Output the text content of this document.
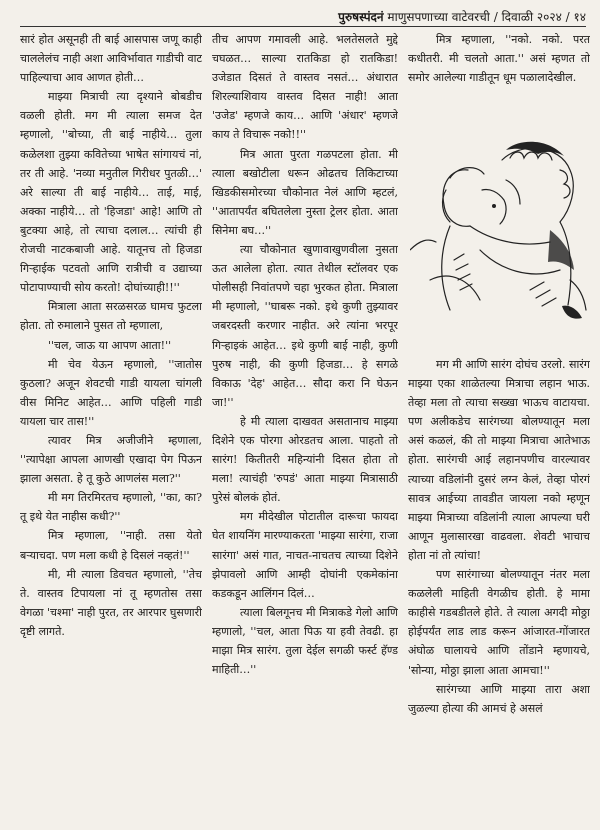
पुरुषस्पंदनं माणुसपणाच्या वाटेवरची / दिवाळी २०२४ / १४

सारं होत असूनही ती बाई आसपास जणू काही चाललेलंच नाही अशा आविर्भावात गाडीची वाट पाहिल्याचा आव आणत होती…

माझ्या मित्राची त्या दृश्याने बोबडीच वळली होती. मग मी त्याला समज देत म्हणालो, ''बोच्या, ती बाई नाहीये… तुला कळेलशा तुझ्या कवितेच्या भाषेत सांगायचं नां, तर ती आहे. 'नव्या मनुतील गिरीधर पुतळी…' अरे साल्या ती बाई नाहीये… ताई, माई, अक्का नाहीये… तो 'हिजडा' आहे! आणि तो बुटक्या आहे, तो त्याचा दलाल… त्यांची ही रोजची नाटकबाजी आहे. यातूनच तो हिजडा गिऱ्हाईक पटवतो आणि रात्रीची व उद्याच्या पोटापाण्याची सोय करतो! दोघांच्याही!!''

मित्राला आता सरळसरळ घामच फुटला होता. तो रुमालाने पुसत तो म्हणाला,

''चल, जाऊ या आपण आता!''

मी चेव येऊन म्हणालो, ''जातोस कुठला? अजून शेवटची गाडी यायला चांगली वीस मिनिट आहेत… आणि पहिली गाडी यायला चार तास!''

त्यावर मित्र अजीजीने म्हणाला, ''त्यापेक्षा आपला आणखी एखादा पेग पिऊन झाला असता. हे तू कुठे आणलंस मला?''

मी मग तिरमिरतच म्हणालो, ''का, का? तू इथे येत नाहीस कधी?''

मित्र म्हणाला, ''नाही. तसा येतो बऱ्याचदा. पण मला कधी हे दिसलं नव्हतं!''

मी, मी त्याला डिवचत म्हणालो, ''तेच ते. वास्तव टिपायला नां तू म्हणतोस तसा वेगळा 'चश्मा' नाही पुरत, तर आरपार घुसणारी दृष्टी लागते.

तीच आपण गमावली आहे. भलतेसलते मुद्दे चघळत… साल्या रातकिडा हो रातकिडा! उजेडात दिसतं ते वास्तव नसतं… अंधारात शिरल्याशिवाय वास्तव दिसत नाही! आता 'उजेड' म्हणजे काय… आणि 'अंधार' म्हणजे काय ते विचारू नको!!''

मित्र आता पुरता गळपटला होता. मी त्याला बखोटीला धरून ओढतच तिकिटाच्या खिडकीसमोरच्या चौकोनात नेलं आणि म्हटलं, ''आतापर्यंत बघितलेला नुस्ता ट्रेलर होता. आता सिनेमा बघ…''

त्या चौकोनात खुणावाखुणवीला नुसता ऊत आलेला होता. त्यात तेथील स्टॉलवर एक पोलीसही निवांतपणे चहा भुरकत होता. मित्राला मी म्हणालो, ''घाबरू नको. इथे कुणी तुझ्यावर जबरदस्ती करणार नाहीत. अरे त्यांना भरपूर गिऱ्हाइकं आहेत… इथे कुणी बाई नाही, कुणी पुरुष नाही, की कुणी हिजडा… हे सगळे विकाऊ 'देह' आहेत… सौदा करा नि घेऊन जा!''

हे मी त्याला दाखवत असतानाच माझ्या दिशेने एक पोरगा ओरडतच आला. पाहतो तो सारंग! कितीतरी महिन्यांनी दिसत होता तो मला! त्याचंही 'रुपडं' आता माझ्या मित्रासाठी पुरेसं बोलकं होतं.

मग मीदेखील पोटातील दारूचा फायदा घेत शायनिंग मारण्याकरता 'माझ्या सारंगा, राजा सारंगा' असं गात, नाचत-नाचतच त्याच्या दिशेने झेपावलो आणि आम्ही दोघांनी एकमेकांना कडकडून आलिंगन दिलं…

त्याला बिलगूनच मी मित्राकडे गेलो आणि म्हणालो, ''चल, आता पिऊ या हवी तेवढी. हा माझा मित्र सारंग. तुला देईल सगळी फर्स्ट हॅण्ड माहिती…''

मित्र म्हणाला, ''नको. नको. परत कधीतरी. मी चलतो आता.'' असं म्हणत तो समोर आलेल्या गाडीतून धूम पळालादेखील.

मग मी आणि सारंग दोघंच उरलो. सारंग माझ्या एका शाळेतल्या मित्राचा लहान भाऊ. तेव्हा मला तो त्याचा सख्खा भाऊच वाटायचा. पण अलीकडेच सारंगच्या बोलण्यातून मला असं कळलं, की तो माझ्या मित्राचा आतेभाऊ होता. सारंगची आई लहानपणीच वारल्यावर त्याच्या वडिलांनी दुसरं लग्न केलं, तेव्हा पोरगं सावत्र आईच्या तावडीत जायला नको म्हणून माझ्या मित्राच्या वडिलांनी त्याला आपल्या घरी आणून मुलासारखा वाढवला. शेवटी भाचाच होता नां तो त्यांचा!

पण सारंगाच्या बोलण्यातून नंतर मला कळलेली माहिती वेगळीच होती. हे मामा काहीसे गडबडीतले होते. ते त्याला अगदी मोठ्ठा होईपर्यंत लाड लाड करून आंजारत-गोंजारत अंघोळ घालायचे आणि तोंडाने म्हणायचे, 'सोन्या, मोठ्ठा झाला आता आमचा!''

सारंगच्या आणि माझ्या तारा अशा जुळल्या होत्या की आमचं हे असलं
